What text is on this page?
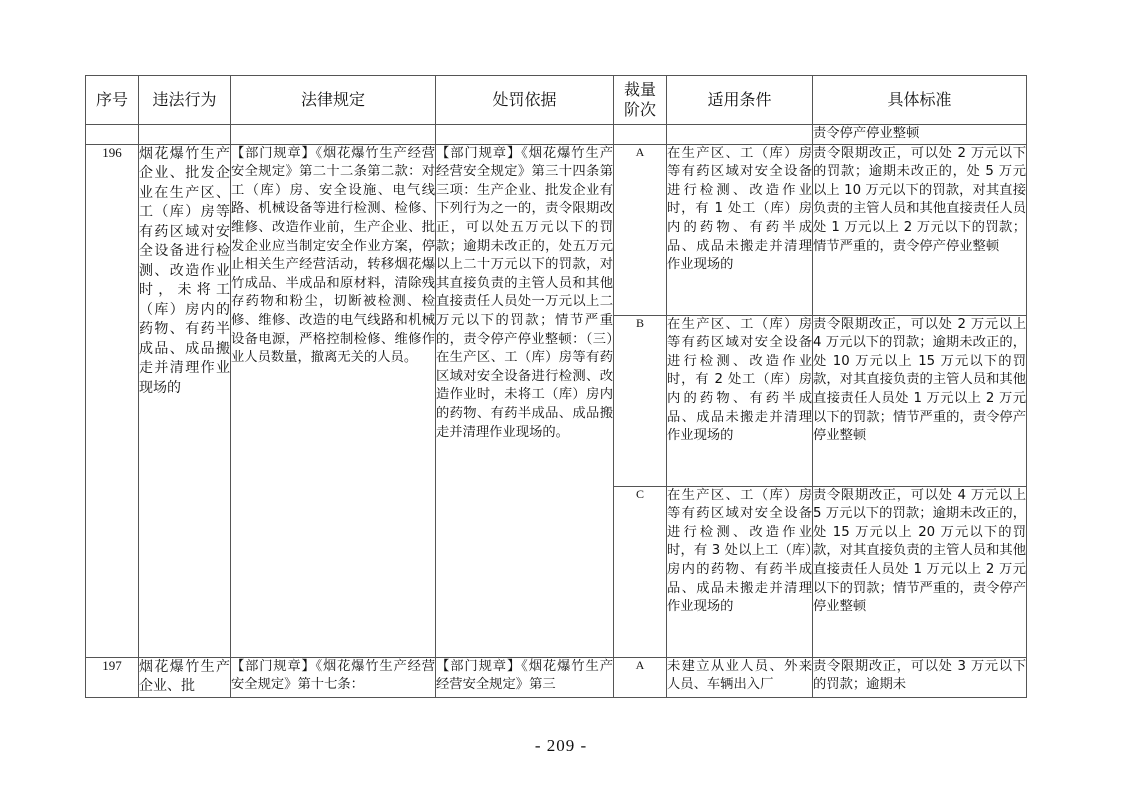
序号	违法行为	法律规定	处罚依据	裁量阶次	适用条件	具体标准
						责令停产停业整顿
196	烟花爆竹生产企业、批发企业在生产区、工（库）房等有药区域对安全设备进行检测、改造作业时，未将工（库）房内的药物、有药半成品、成品搬走并清理作业现场的	【部门规章】《烟花爆竹生产经营安全规定》第二十二条第二款：对工（库）房、安全设施、电气线路、机械设备等进行检测、检修、维修、改造作业前，生产企业、批发企业应当制定安全作业方案，停止相关生产经营活动，转移烟花爆竹成品、半成品和原材料，清除残存药物和粉尘，切断被检测、检修、维修、改造的电气线路和机械设备电源，严格控制检修、维修作业人员数量，撤离无关的人员。	【部门规章】《烟花爆竹生产经营安全规定》第三十四条第三项：生产企业、批发企业有下列行为之一的，责令限期改正，可以处五万元以下的罚款；逾期未改正的，处五万元以上二十万元以下的罚款，对其直接负责的主管人员和其他直接责任人员处一万元以上二万元以下的罚款；情节严重的，责令停产停业整顿：（三）在生产区、工（库）房等有药区域对安全设备进行检测、改造作业时，未将工（库）房内的药物、有药半成品、成品搬走并清理作业现场的。	A	在生产区、工（库）房等有药区域对安全设备进行检测、改造作业时，有 1 处工（库）房内的药物、有药半成品、成品未搬走并清理作业现场的	责令限期改正，可以处 2 万元以下的罚款；逾期未改正的，处 5 万元以上 10 万元以下的罚款，对其直接负责的主管人员和其他直接责任人员处 1 万元以上 2 万元以下的罚款；情节严重的，责令停产停业整顿
				B	在生产区、工（库）房等有药区域对安全设备进行检测、改造作业时，有 2 处工（库）房内的药物、有药半成品、成品未搬走并清理作业现场的	责令限期改正，可以处 2 万元以上 4 万元以下的罚款；逾期未改正的，处 10 万元以上 15 万元以下的罚款，对其直接负责的主管人员和其他直接责任人员处 1 万元以上 2 万元以下的罚款；情节严重的，责令停产停业整顿
				C	在生产区、工（库）房等有药区域对安全设备进行检测、改造作业时，有 3 处以上工（库）房内的药物、有药半成品、成品未搬走并清理作业现场的	责令限期改正，可以处 4 万元以上 5 万元以下的罚款；逾期未改正的，处 15 万元以上 20 万元以下的罚款，对其直接负责的主管人员和其他直接责任人员处 1 万元以上 2 万元以下的罚款；情节严重的，责令停产停业整顿
197	烟花爆竹生产企业、批	【部门规章】《烟花爆竹生产经营安全规定》第十七条：	【部门规章】《烟花爆竹生产经营安全规定》第三	A	未建立从业人员、外来人员、车辆出入厂	责令限期改正，可以处 3 万元以下的罚款；逾期未
- 209 -
